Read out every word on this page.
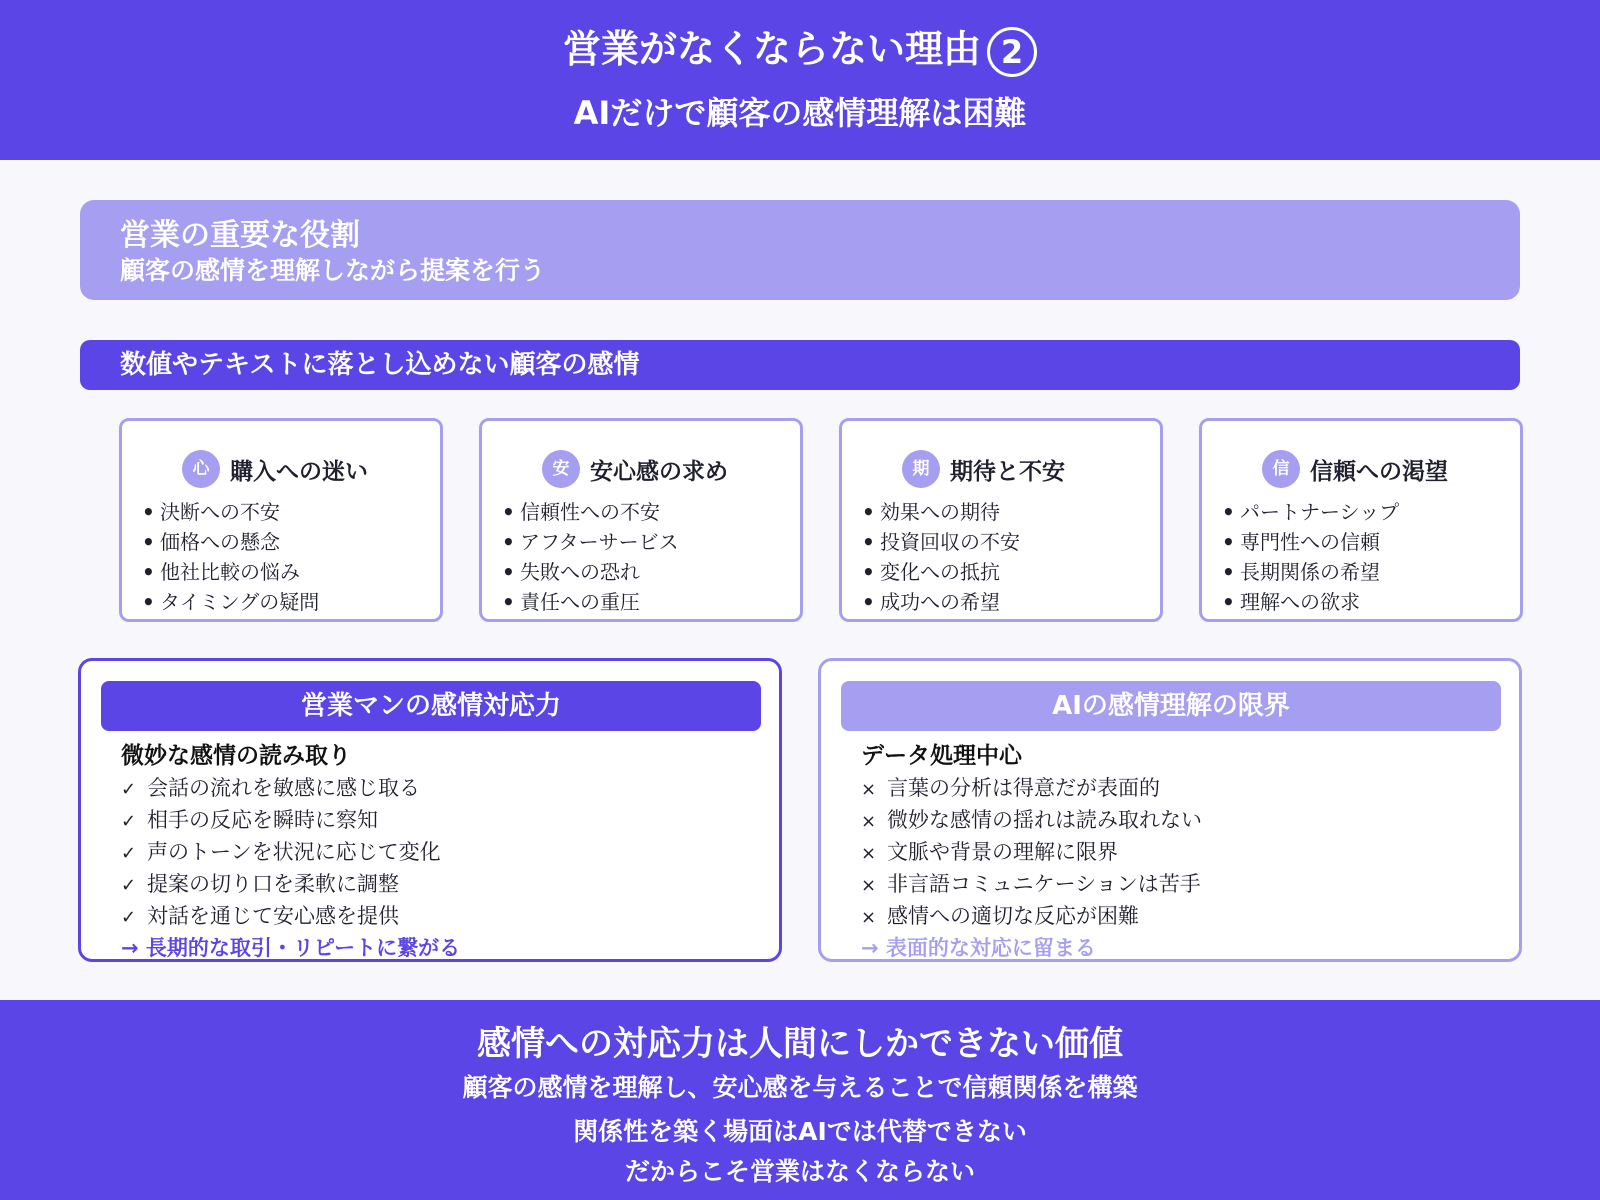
営業がなくならない理由 2
AIだけで顧客の感情理解は困難
営業の重要な役割
顧客の感情を理解しながら提案を行う
数値やテキストに落とし込めない顧客の感情
心 購入への迷い
• 決断への不安
• 価格への懸念
• 他社比較の悩み
• タイミングの疑問
安 安心感の求め
• 信頼性への不安
• アフターサービス
• 失敗への恐れ
• 責任への重圧
期 期待と不安
• 効果への期待
• 投資回収の不安
• 変化への抵抗
• 成功への希望
信 信頼への渇望
• パートナーシップ
• 専門性への信頼
• 長期関係の希望
• 理解への欲求
営業マンの感情対応力
微妙な感情の読み取り
✓ 会話の流れを敏感に感じ取る
✓ 相手の反応を瞬時に察知
✓ 声のトーンを状況に応じて変化
✓ 提案の切り口を柔軟に調整
✓ 対話を通じて安心感を提供
→ 長期的な取引・リピートに繋がる
AIの感情理解の限界
データ処理中心
× 言葉の分析は得意だが表面的
× 微妙な感情の揺れは読み取れない
× 文脈や背景の理解に限界
× 非言語コミュニケーションは苦手
× 感情への適切な反応が困難
→ 表面的な対応に留まる
感情への対応力は人間にしかできない価値
顧客の感情を理解し、安心感を与えることで信頼関係を構築
関係性を築く場面はAIでは代替できない
だからこそ営業はなくならない
